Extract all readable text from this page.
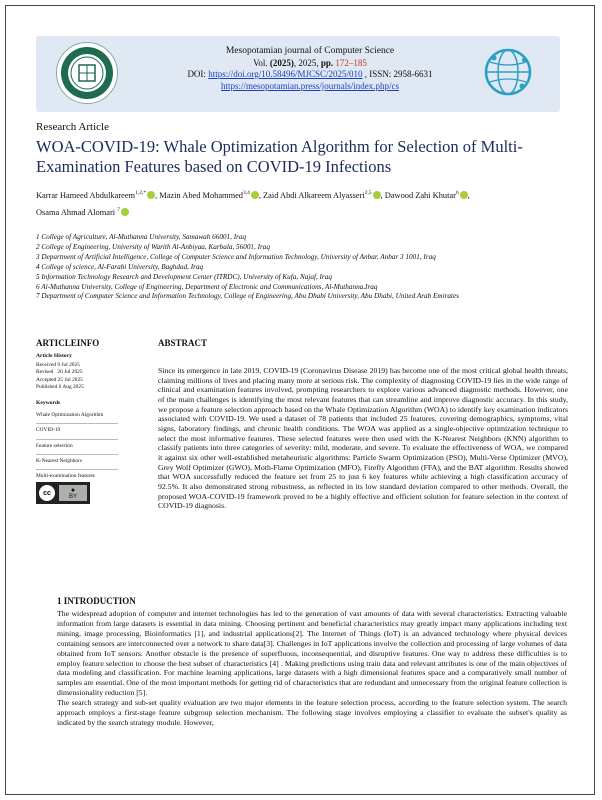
Mesopotamian journal of Computer Science
Vol. (2025), 2025, pp. 172–185
DOI: https://doi.org/10.58496/MJCSC/2025/010 , ISSN: 2958-6631
https://mesopotamian.press/journals/index.php/cs
Research Article
WOA-COVID-19: Whale Optimization Algorithm for Selection of Multi-Examination Features based on COVID-19 Infections
Karrar Hameed Abdulkareem$^{1,2,*}$ , Mazin Abed Mohammed$^{3,4}$ , Zaid Abdi Alkareem Alyasseri$^{2,5}$ , Dawood Zahi Khutar$^6$ ,
Osama Ahmad Alomari $^7$
1 College of Agriculture, Al-Muthanna University, Samawah 66001, Iraq
2 College of Engineering, University of Warith Al-Anbiyaa, Karbala, 56001, Iraq
3 Department of Artificial Intelligence, College of Computer Science and Information Technology, University of Anbar, Anbar 3 1001, Iraq
4 College of science, Al-Farabi University, Baghdad, Iraq
5 Information Technology Research and Development Center (ITRDC), University of Kufa, Najaf, Iraq
6 Al-Muthanna University, College of Engineering, Department of Electronic and Communications, Al-Muthanna,Iraq
7 Department of Computer Science and Information Technology, College of Engineering, Abu Dhabi University, Abu Dhabi, United Arab Emirates
ARTICLEINFO
Article History
Received 9 Jul 2025
Revised   20 Jul 2025
Accepted 25 Jul 2025
Published 6 Aug 2025
Keywords
Whale Optimization Algorithm
COVID-19
Feature selection
K-Nearest Neighbors
Multi-examination features
cc	●
BY
ABSTRACT
Since its emergence in late 2019, COVID-19 (Coronavirus Disease 2019) has become one of the most critical global health threats, claiming millions of lives and placing many more at serious risk. The complexity of diagnosing COVID-19 lies in the wide range of clinical and examination features involved, prompting researchers to explore various advanced diagnostic methods. However, one of the main challenges is identifying the most relevant features that can streamline and improve diagnostic accuracy. In this study, we propose a feature selection approach based on the Whale Optimization Algorithm (WOA) to identify key examination indicators associated with COVID-19. We used a dataset of 78 patients that included 25 features, covering demographics, symptoms, vital signs, laboratory findings, and chronic health conditions. The WOA was applied as a single-objective optimization technique to select the most informative features. These selected features were then used with the K-Nearest Neighbors (KNN) algorithm to classify patients into three categories of severity: mild, moderate, and severe. To evaluate the effectiveness of WOA, we compared it against six other well-established metaheuristic algorithms: Particle Swarm Optimization (PSO), Multi-Verse Optimizer (MVO), Grey Wolf Optimizer (GWO), Moth-Flame Optimization (MFO), Firefly Algorithm (FFA), and the BAT algorithm. Results showed that WOA successfully reduced the feature set from 25 to just 6 key features while achieving a high classification accuracy of 92.5%. It also demonstrated strong robustness, as reflected in its low standard deviation compared to other methods. Overall, the proposed WOA-COVID-19 framework proved to be a highly effective and efficient solution for feature selection in the context of COVID-19 diagnosis.
1 INTRODUCTION

The widespread adoption of computer and internet technologies has led to the generation of vast amounts of data with several characteristics. Extracting valuable information from large datasets is essential in data mining. Choosing pertinent and beneficial characteristics may greatly impact many applications including text mining, image processing, Bioinformatics [1], and industrial applications[2]. The Internet of Things (IoT) is an advanced technology where physical devices containing sensors are interconnected over a network to share data[3]. Challenges in IoT applications involve the collection and processing of large volumes of data obtained from IoT sensors. Another obstacle is the presence of superfluous, inconsequential, and disruptive features. One way to address these difficulties is to employ feature selection to choose the best subset of characteristics [4] . Making predictions using train data and relevant attributes is one of the main objectives of data modeling and classification. For machine learning applications, large datasets with a high dimensional features space and a comparatively small number of samples are essential. One of the most important methods for getting rid of characteristics that are redundant and unnecessary from the original feature collection is dimensionality reduction [5].

The search strategy and sub-set quality evaluation are two major elements in the feature selection process, according to the feature selection system. The search approach employs a first-stage feature subgroup selection mechanism. The following stage involves employing a classifier to evaluate the subset's quality as indicated by the search strategy module. However,
